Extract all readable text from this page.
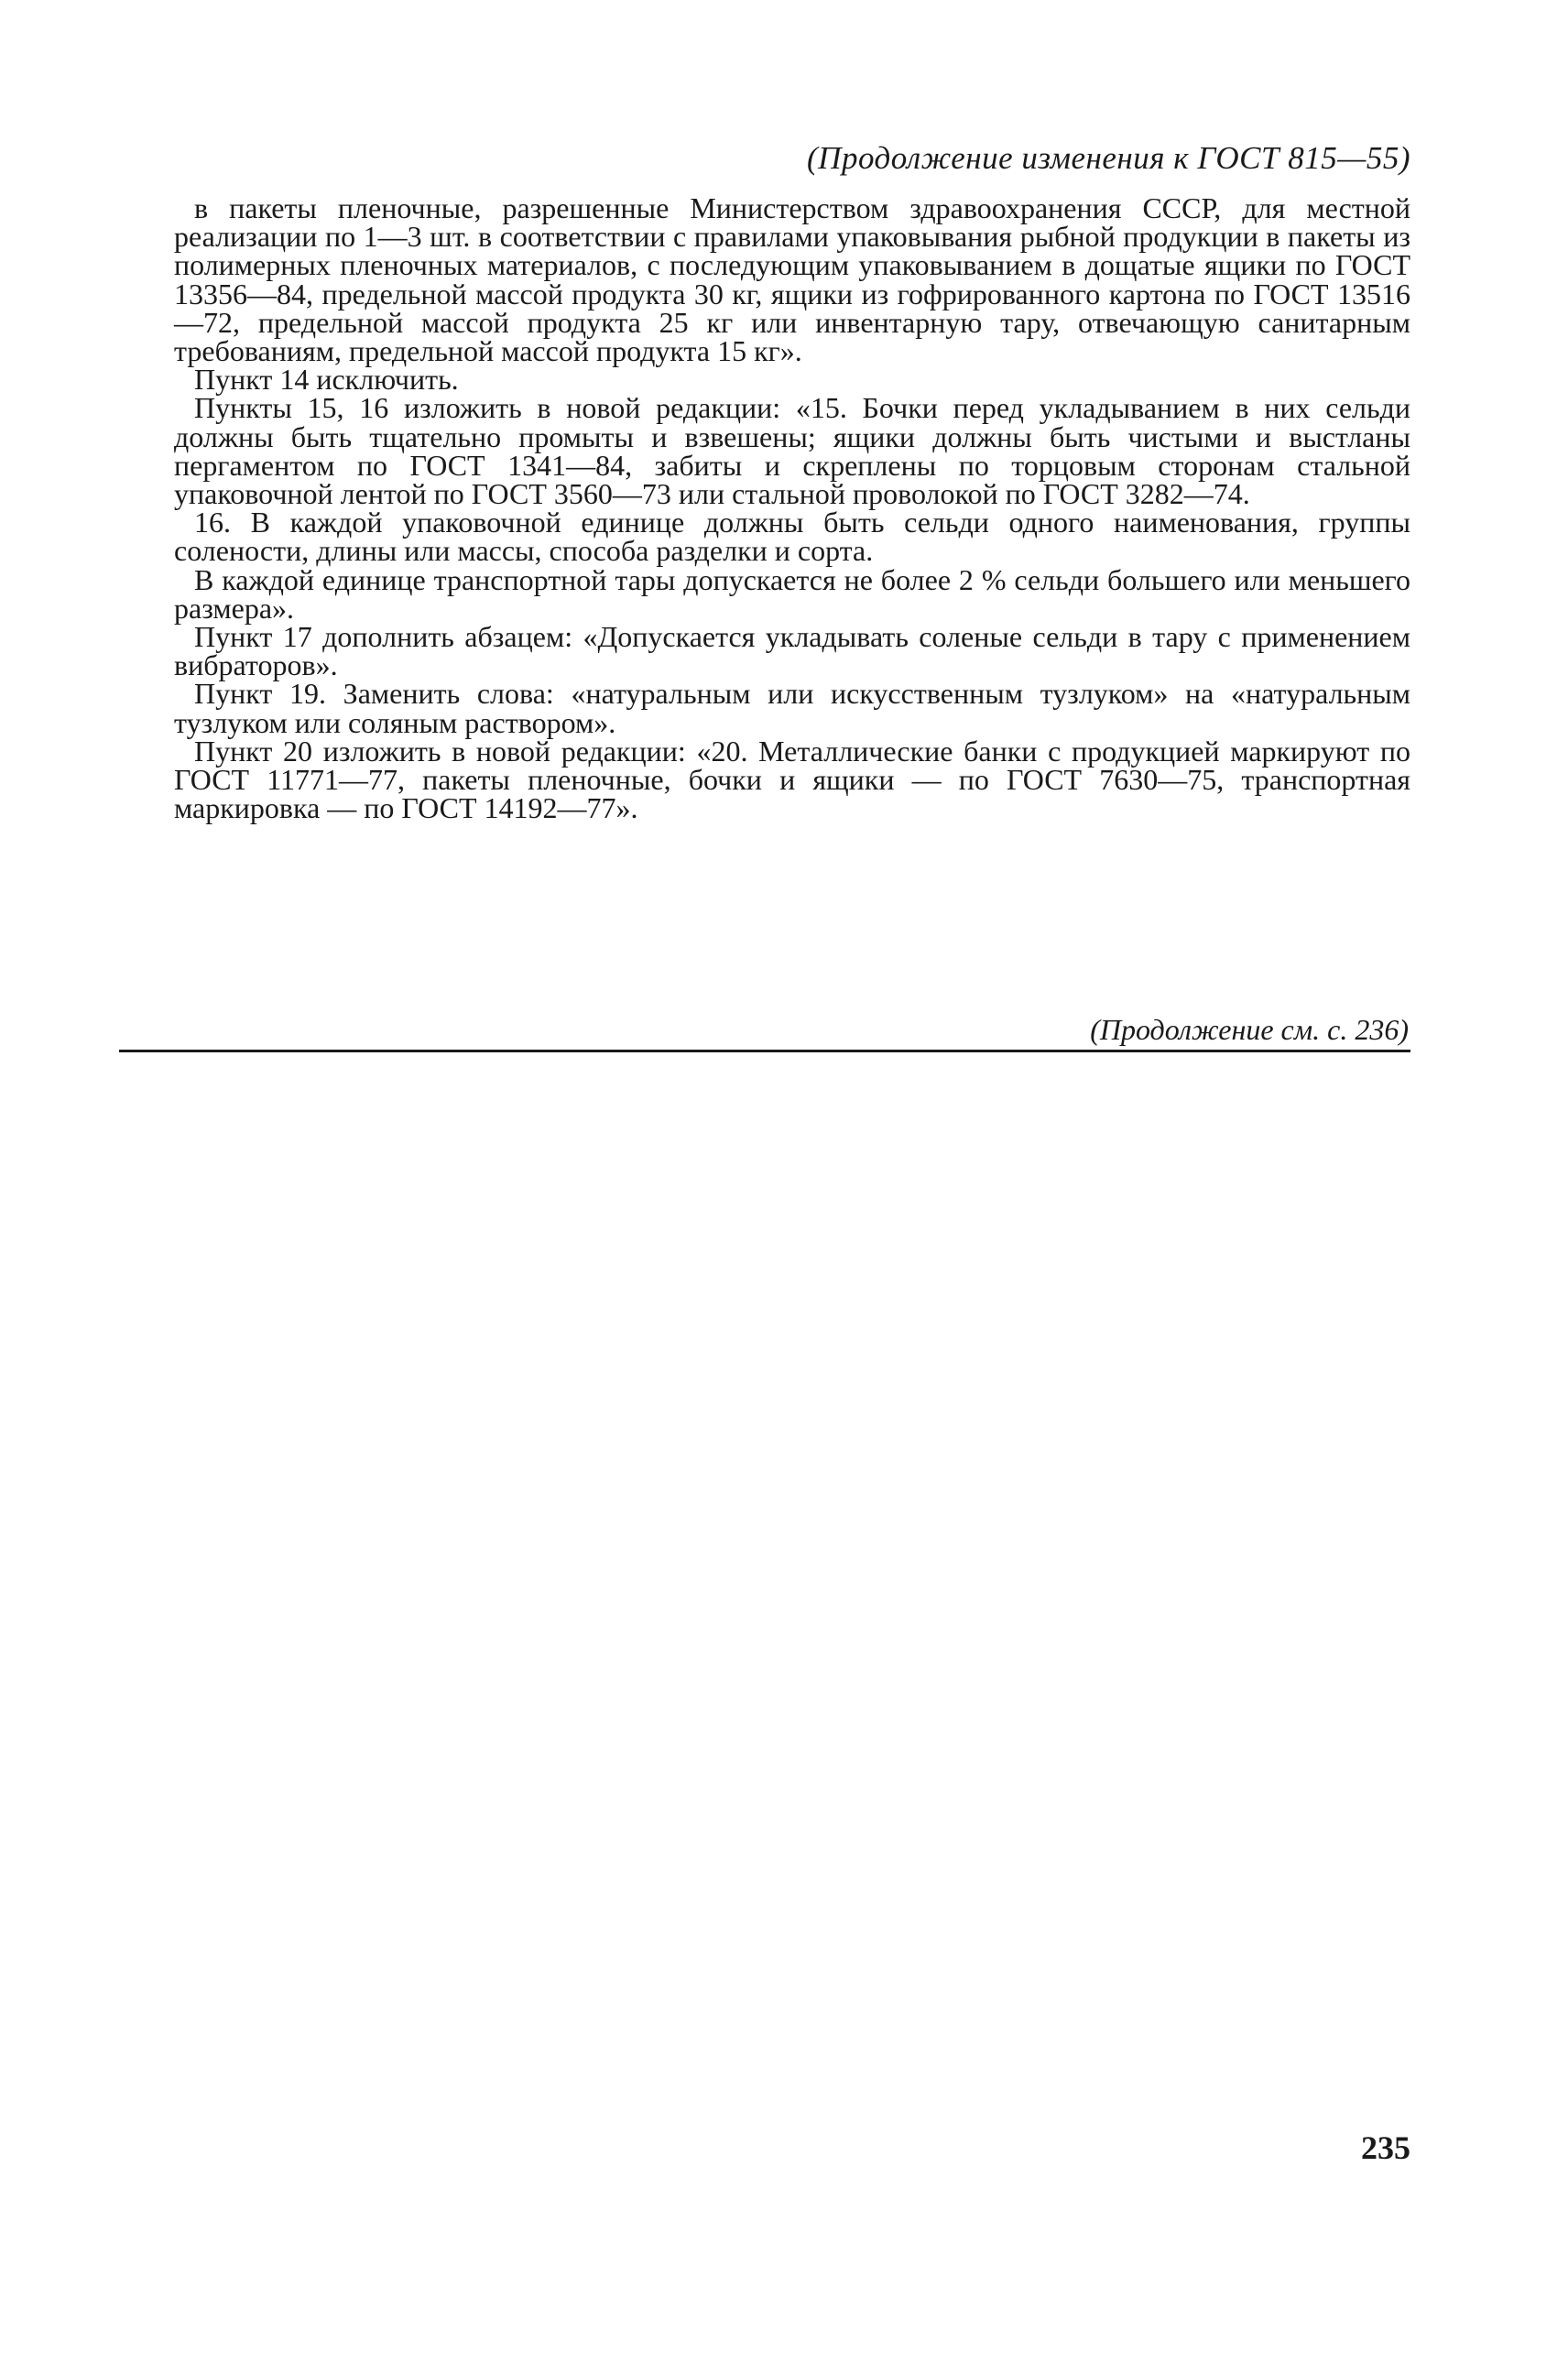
(Продолжение изменения к ГОСТ 815—55)

в пакеты пленочные, разрешенные Министерством здравоохранения СССР, для местной реализации по 1—3 шт. в соответствии с правилами упаковывания рыбной продукции в пакеты из полимерных пленочных материалов, с последующим упаковыванием в дощатые ящики по ГОСТ 13356—84, предельной массой продукта 30 кг, ящики из гофрированного картона по ГОСТ 13516—72, предельной массой продукта 25 кг или инвентарную тару, отвечающую санитарным требованиям, предельной массой продукта 15 кг».

Пункт 14 исключить.

Пункты 15, 16 изложить в новой редакции: «15. Бочки перед укладыванием в них сельди должны быть тщательно промыты и взвешены; ящики должны быть чистыми и выстланы пергаментом по ГОСТ 1341—84, забиты и скреплены по торцовым сторонам стальной упаковочной лентой по ГОСТ 3560—73 или стальной проволокой по ГОСТ 3282—74.

16. В каждой упаковочной единице должны быть сельди одного наименования, группы солености, длины или массы, способа разделки и сорта.

В каждой единице транспортной тары допускается не более 2 % сельди большего или меньшего размера».

Пункт 17 дополнить абзацем: «Допускается укладывать соленые сельди в тару с применением вибраторов».

Пункт 19. Заменить слова: «натуральным или искусственным тузлуком» на «натуральным тузлуком или соляным раствором».

Пункт 20 изложить в новой редакции: «20. Металлические банки с продукцией маркируют по ГОСТ 11771—77, пакеты пленочные, бочки и ящики — по ГОСТ 7630—75, транспортная маркировка — по ГОСТ 14192—77».

(Продолжение см. с. 236)
235
